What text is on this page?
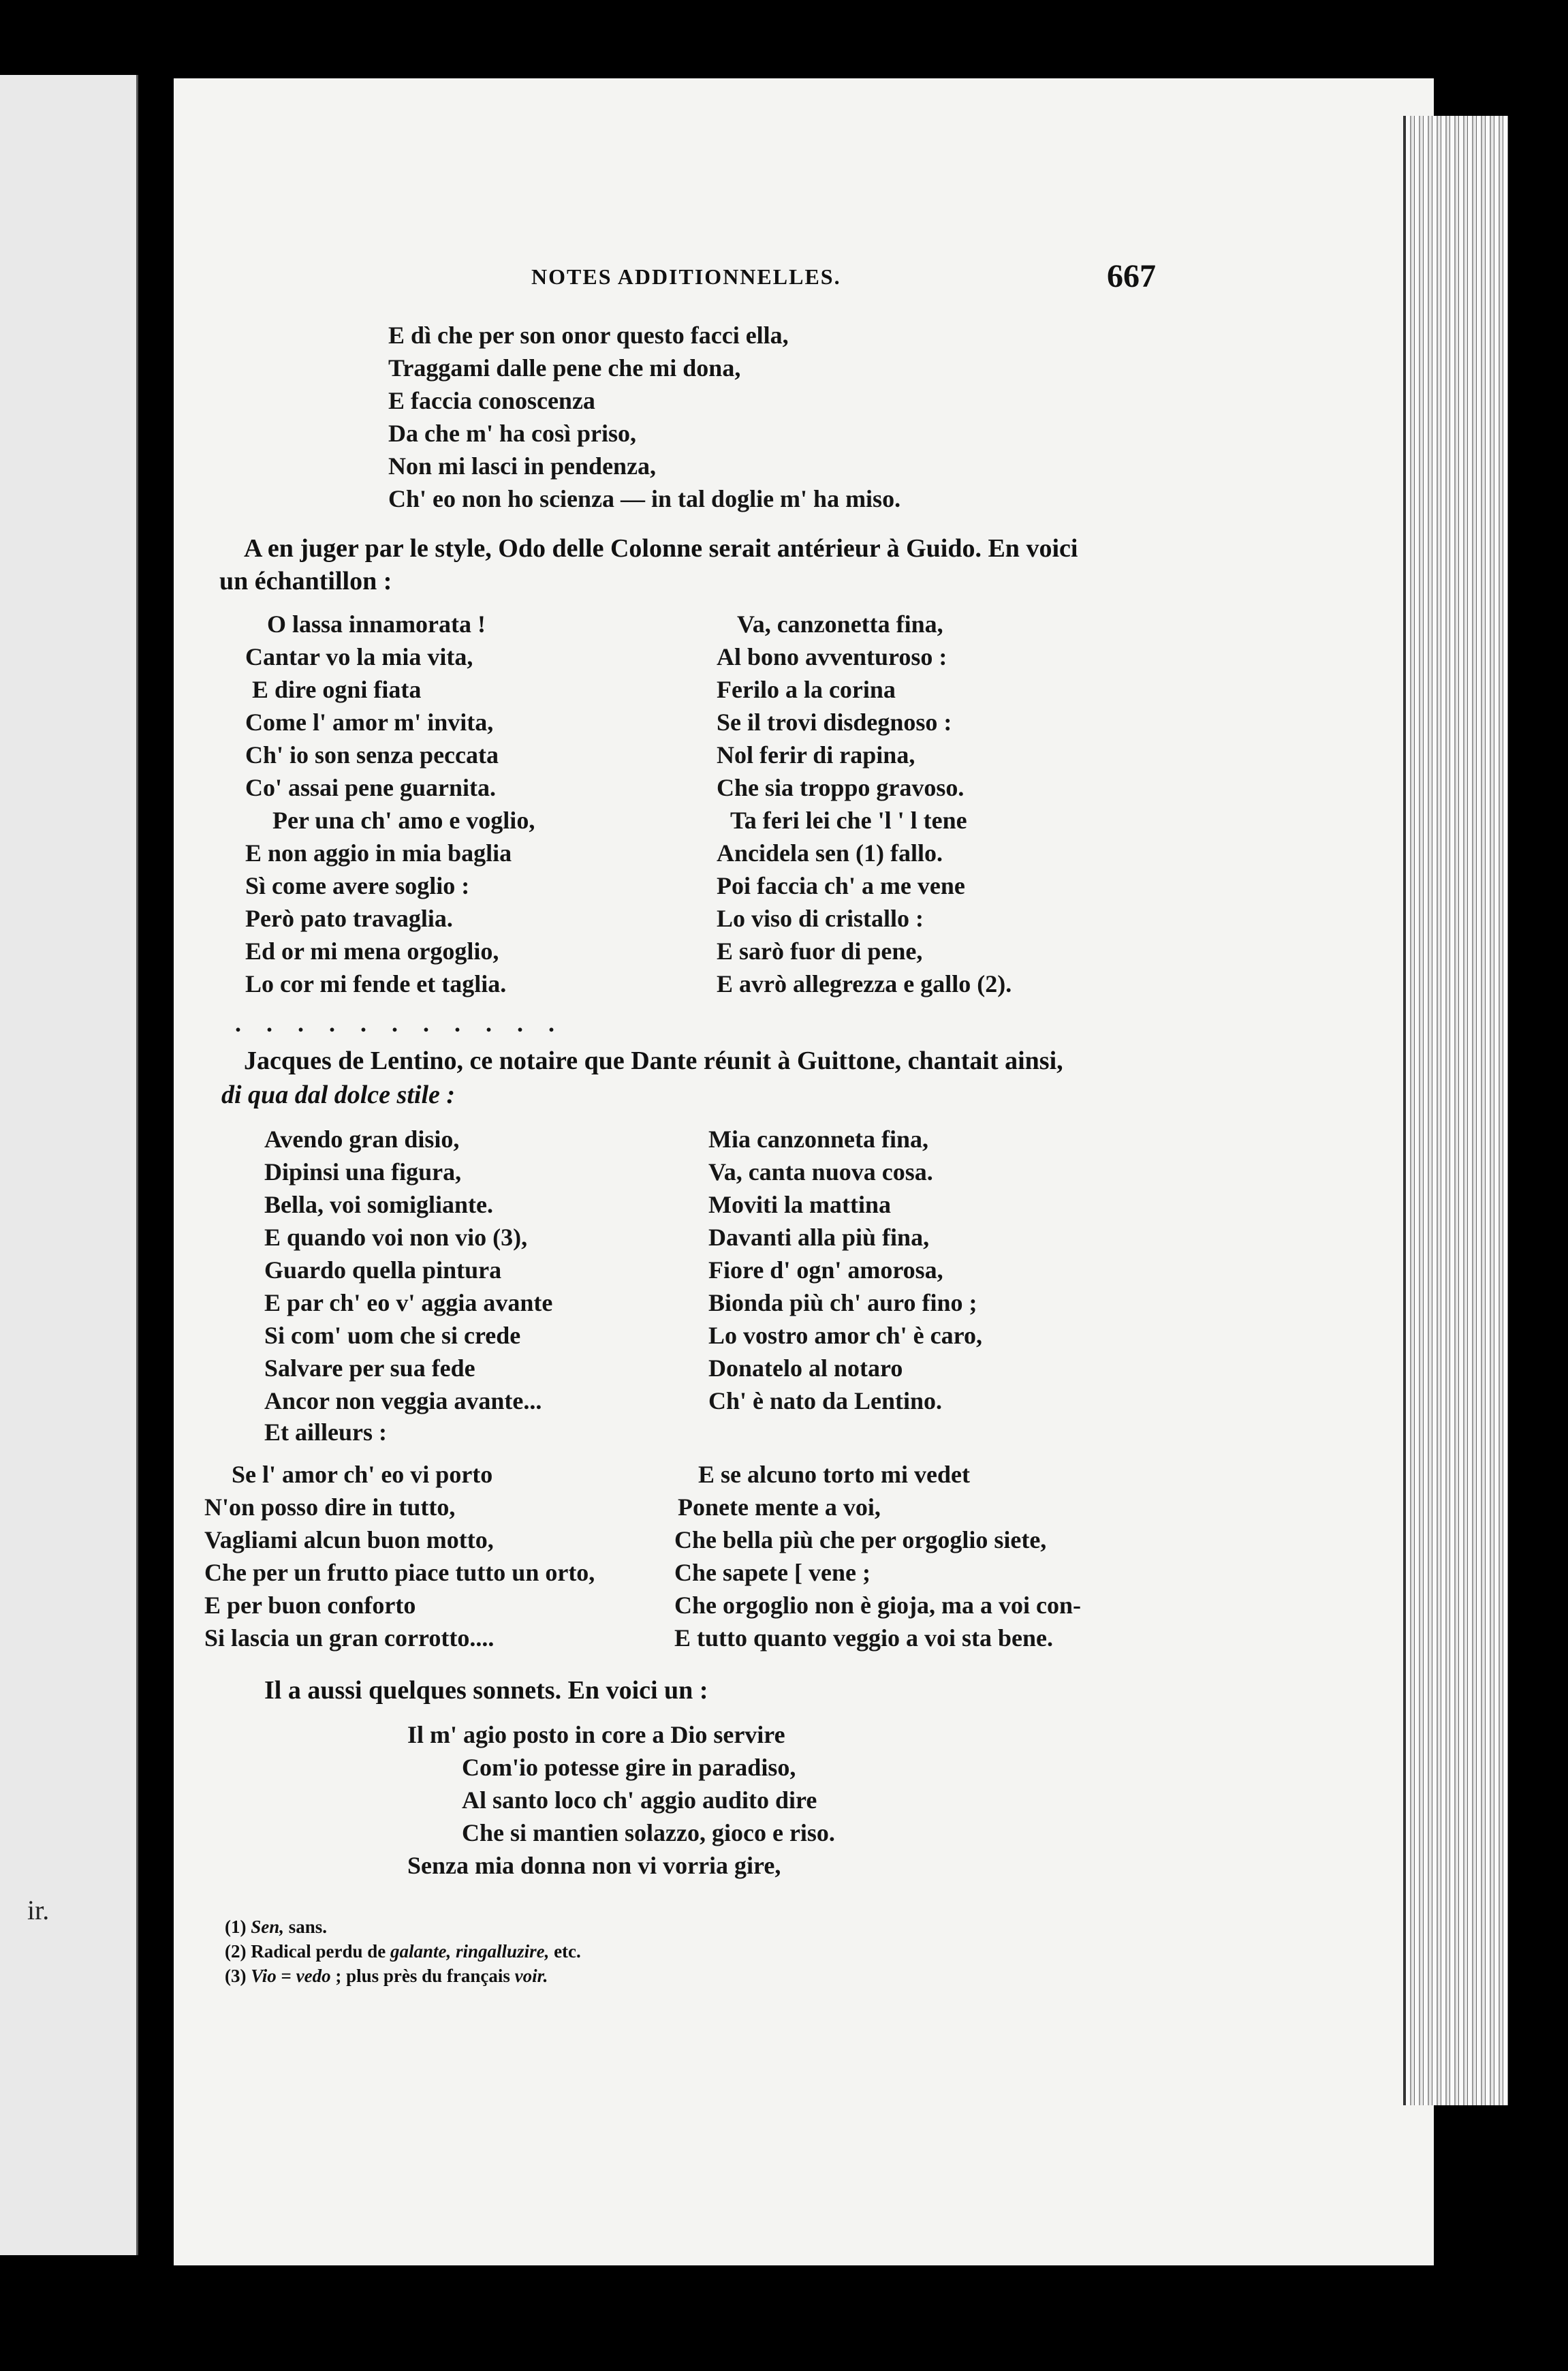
ir.
NOTES ADDITIONNELLES.	667
E dì che per son onor questo facci ella,
Traggami dalle pene che mi dona,
E faccia conoscenza
Da che m' ha così priso,
Non mi lasci in pendenza,
Ch' eo non ho scienza — in tal doglie m' ha miso.
A en juger par le style, Odo delle Colonne serait antérieur à Guido. En voici
un échantillon :
O lassa innamorata !
Cantar vo la mia vita,
E dire ogni fiata
Come l' amor m' invita,
Ch' io son senza peccata
Co' assai pene guarnita.
Per una ch' amo e voglio,
E non aggio in mia baglia
Sì come avere soglio :
Però pato travaglia.
Ed or mi mena orgoglio,
Lo cor mi fende et taglia.
Va, canzonetta fina,
Al bono avventuroso :
Ferilo a la corina
Se il trovi disdegnoso :
Nol ferir di rapina,
Che sia troppo gravoso.
Ta feri lei che 'l ' l tene
Ancidela sen (1) fallo.
Poi faccia ch' a me vene
Lo viso di cristallo :
E sarò fuor di pene,
E avrò allegrezza e gallo (2).
. . . . . . . . . . .
Jacques de Lentino, ce notaire que Dante réunit à Guittone, chantait ainsi,
di qua dal dolce stile :
Avendo gran disio,
Dipinsi una figura,
Bella, voi somigliante.
E quando voi non vio (3),
Guardo quella pintura
E par ch' eo v' aggia avante
Si com' uom che si crede
Salvare per sua fede
Ancor non veggia avante...
Mia canzonneta fina,
Va, canta nuova cosa.
Moviti la mattina
Davanti alla più fina,
Fiore d' ogn' amorosa,
Bionda più ch' auro fino ;
Lo vostro amor ch' è caro,
Donatelo al notaro
Ch' è nato da Lentino.
Et ailleurs :
Se l' amor ch' eo vi porto
N'on posso dire in tutto,
Vagliami alcun buon motto,
Che per un frutto piace tutto un orto,
E per buon conforto
Si lascia un gran corrotto....
E se alcuno torto mi vedet
Ponete mente a voi,
Che bella più che per orgoglio siete,
Che sapete [ vene ;
Che orgoglio non è gioja, ma a voi con-
E tutto quanto veggio a voi sta bene.
Il a aussi quelques sonnets. En voici un :
Il m' agio posto in core a Dio servire
Com'io potesse gire in paradiso,
Al santo loco ch' aggio audito dire
Che si mantien solazzo, gioco e riso.
Senza mia donna non vi vorria gire,
(1) Sen, sans.
(2) Radical perdu de galante, ringalluzire, etc.
(3) Vio = vedo ; plus près du français voir.
